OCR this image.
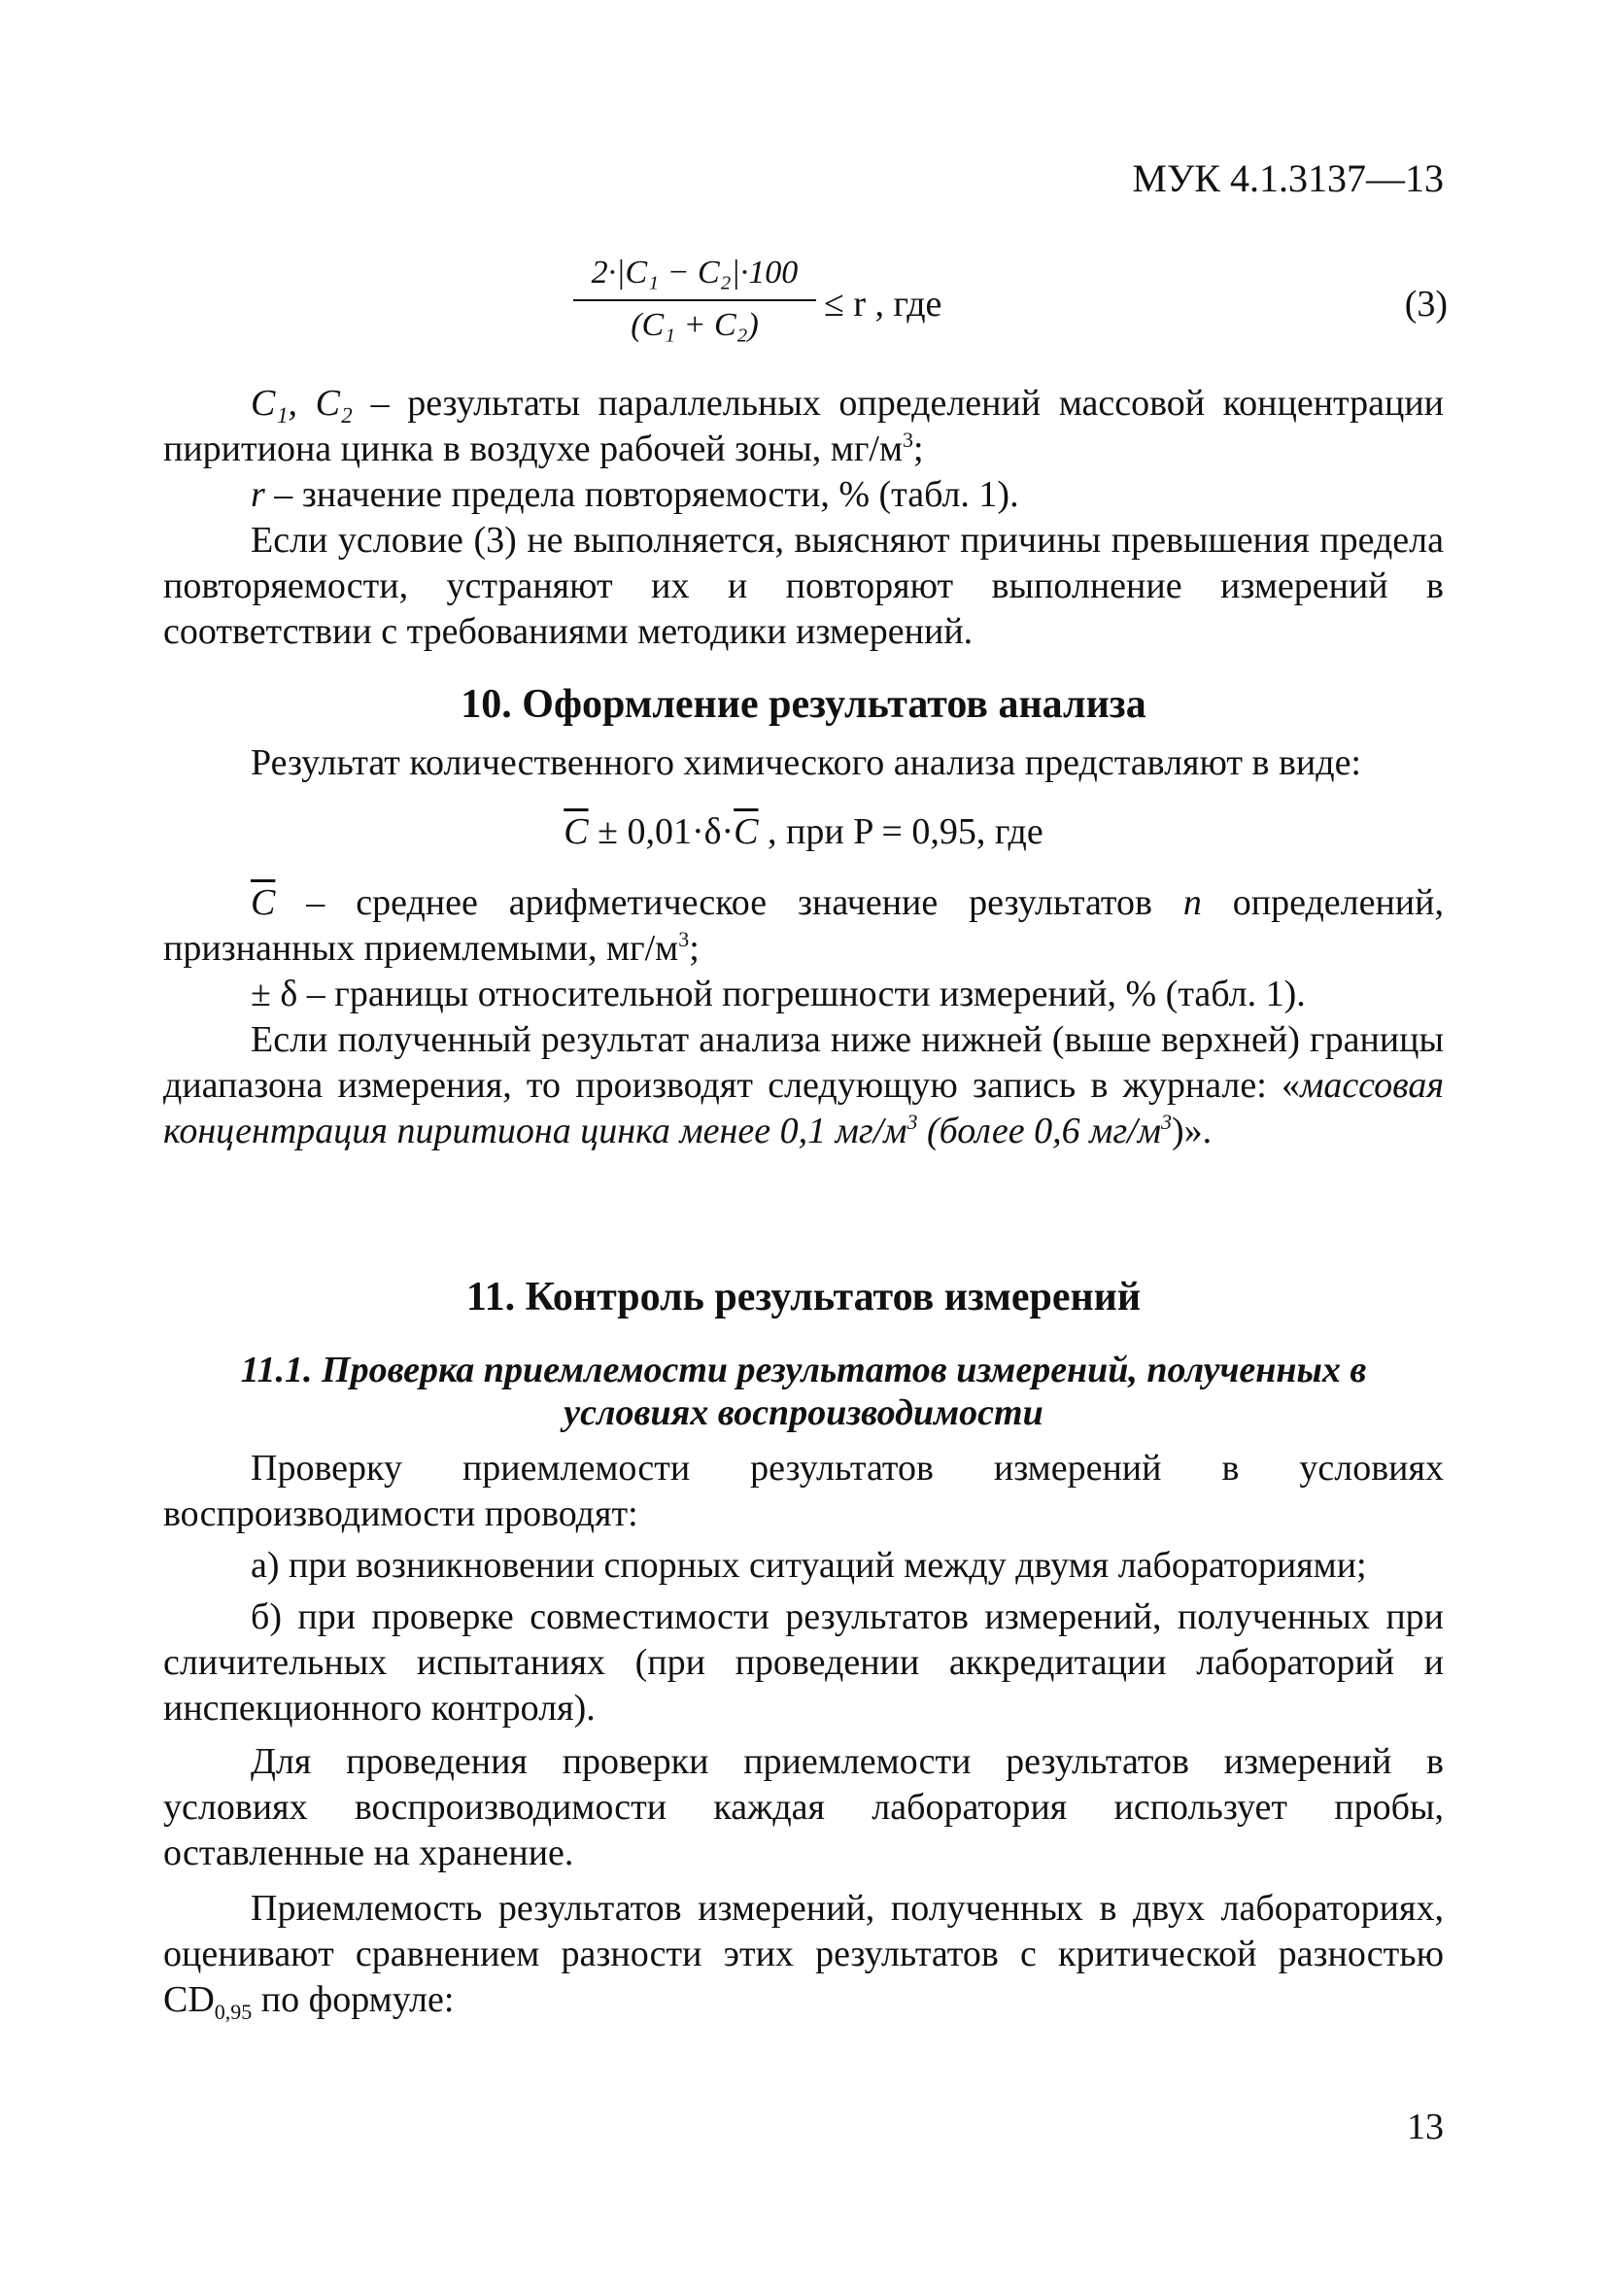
МУК 4.1.3137—13
2·|C₁ − C₂|·100
(C₁ + C₂)
≤ r , где	(3)

C₁, C₂ – результаты параллельных определений массовой концентрации пиритиона цинка в воздухе рабочей зоны, $мг/м^3$;

r – значение предела повторяемости, % (табл. 1).

Если условие (3) не выполняется, выясняют причины превышения предела повторяемости, устраняют их и повторяют выполнение измерений в соответствии с требованиями методики измерений.

10. Оформление результатов анализа

Результат количественного химического анализа представляют в виде:

$\overline{C} \pm 0,01\cdot\delta\cdot\overline{C}$ , при P = 0,95, где

$\overline{C}$ – среднее арифметическое значение результатов n определений, признанных приемлемыми, $мг/м^3$;

± δ – границы относительной погрешности измерений, % (табл. 1).

Если полученный результат анализа ниже нижней (выше верхней) границы диапазона измерения, то производят следующую запись в журнале: «массовая концентрация пиритиона цинка менее 0,1 $мг/м^3$ (более 0,6 $мг/м^3$)».

11. Контроль результатов измерений
11.1. Проверка приемлемости результатов измерений, полученных в
условиях воспроизводимости

Проверку приемлемости результатов измерений в условиях воспроизводимости проводят:

а) при возникновении спорных ситуаций между двумя лабораториями;

б) при проверке совместимости результатов измерений, полученных при сличительных испытаниях (при проведении аккредитации лабораторий и инспекционного контроля).

Для проведения проверки приемлемости результатов измерений в условиях воспроизводимости каждая лаборатория использует пробы, оставленные на хранение.

Приемлемость результатов измерений, полученных в двух лабораториях, оценивают сравнением разности этих результатов с критической разностью $CD_{0,95}$ по формуле:

13
